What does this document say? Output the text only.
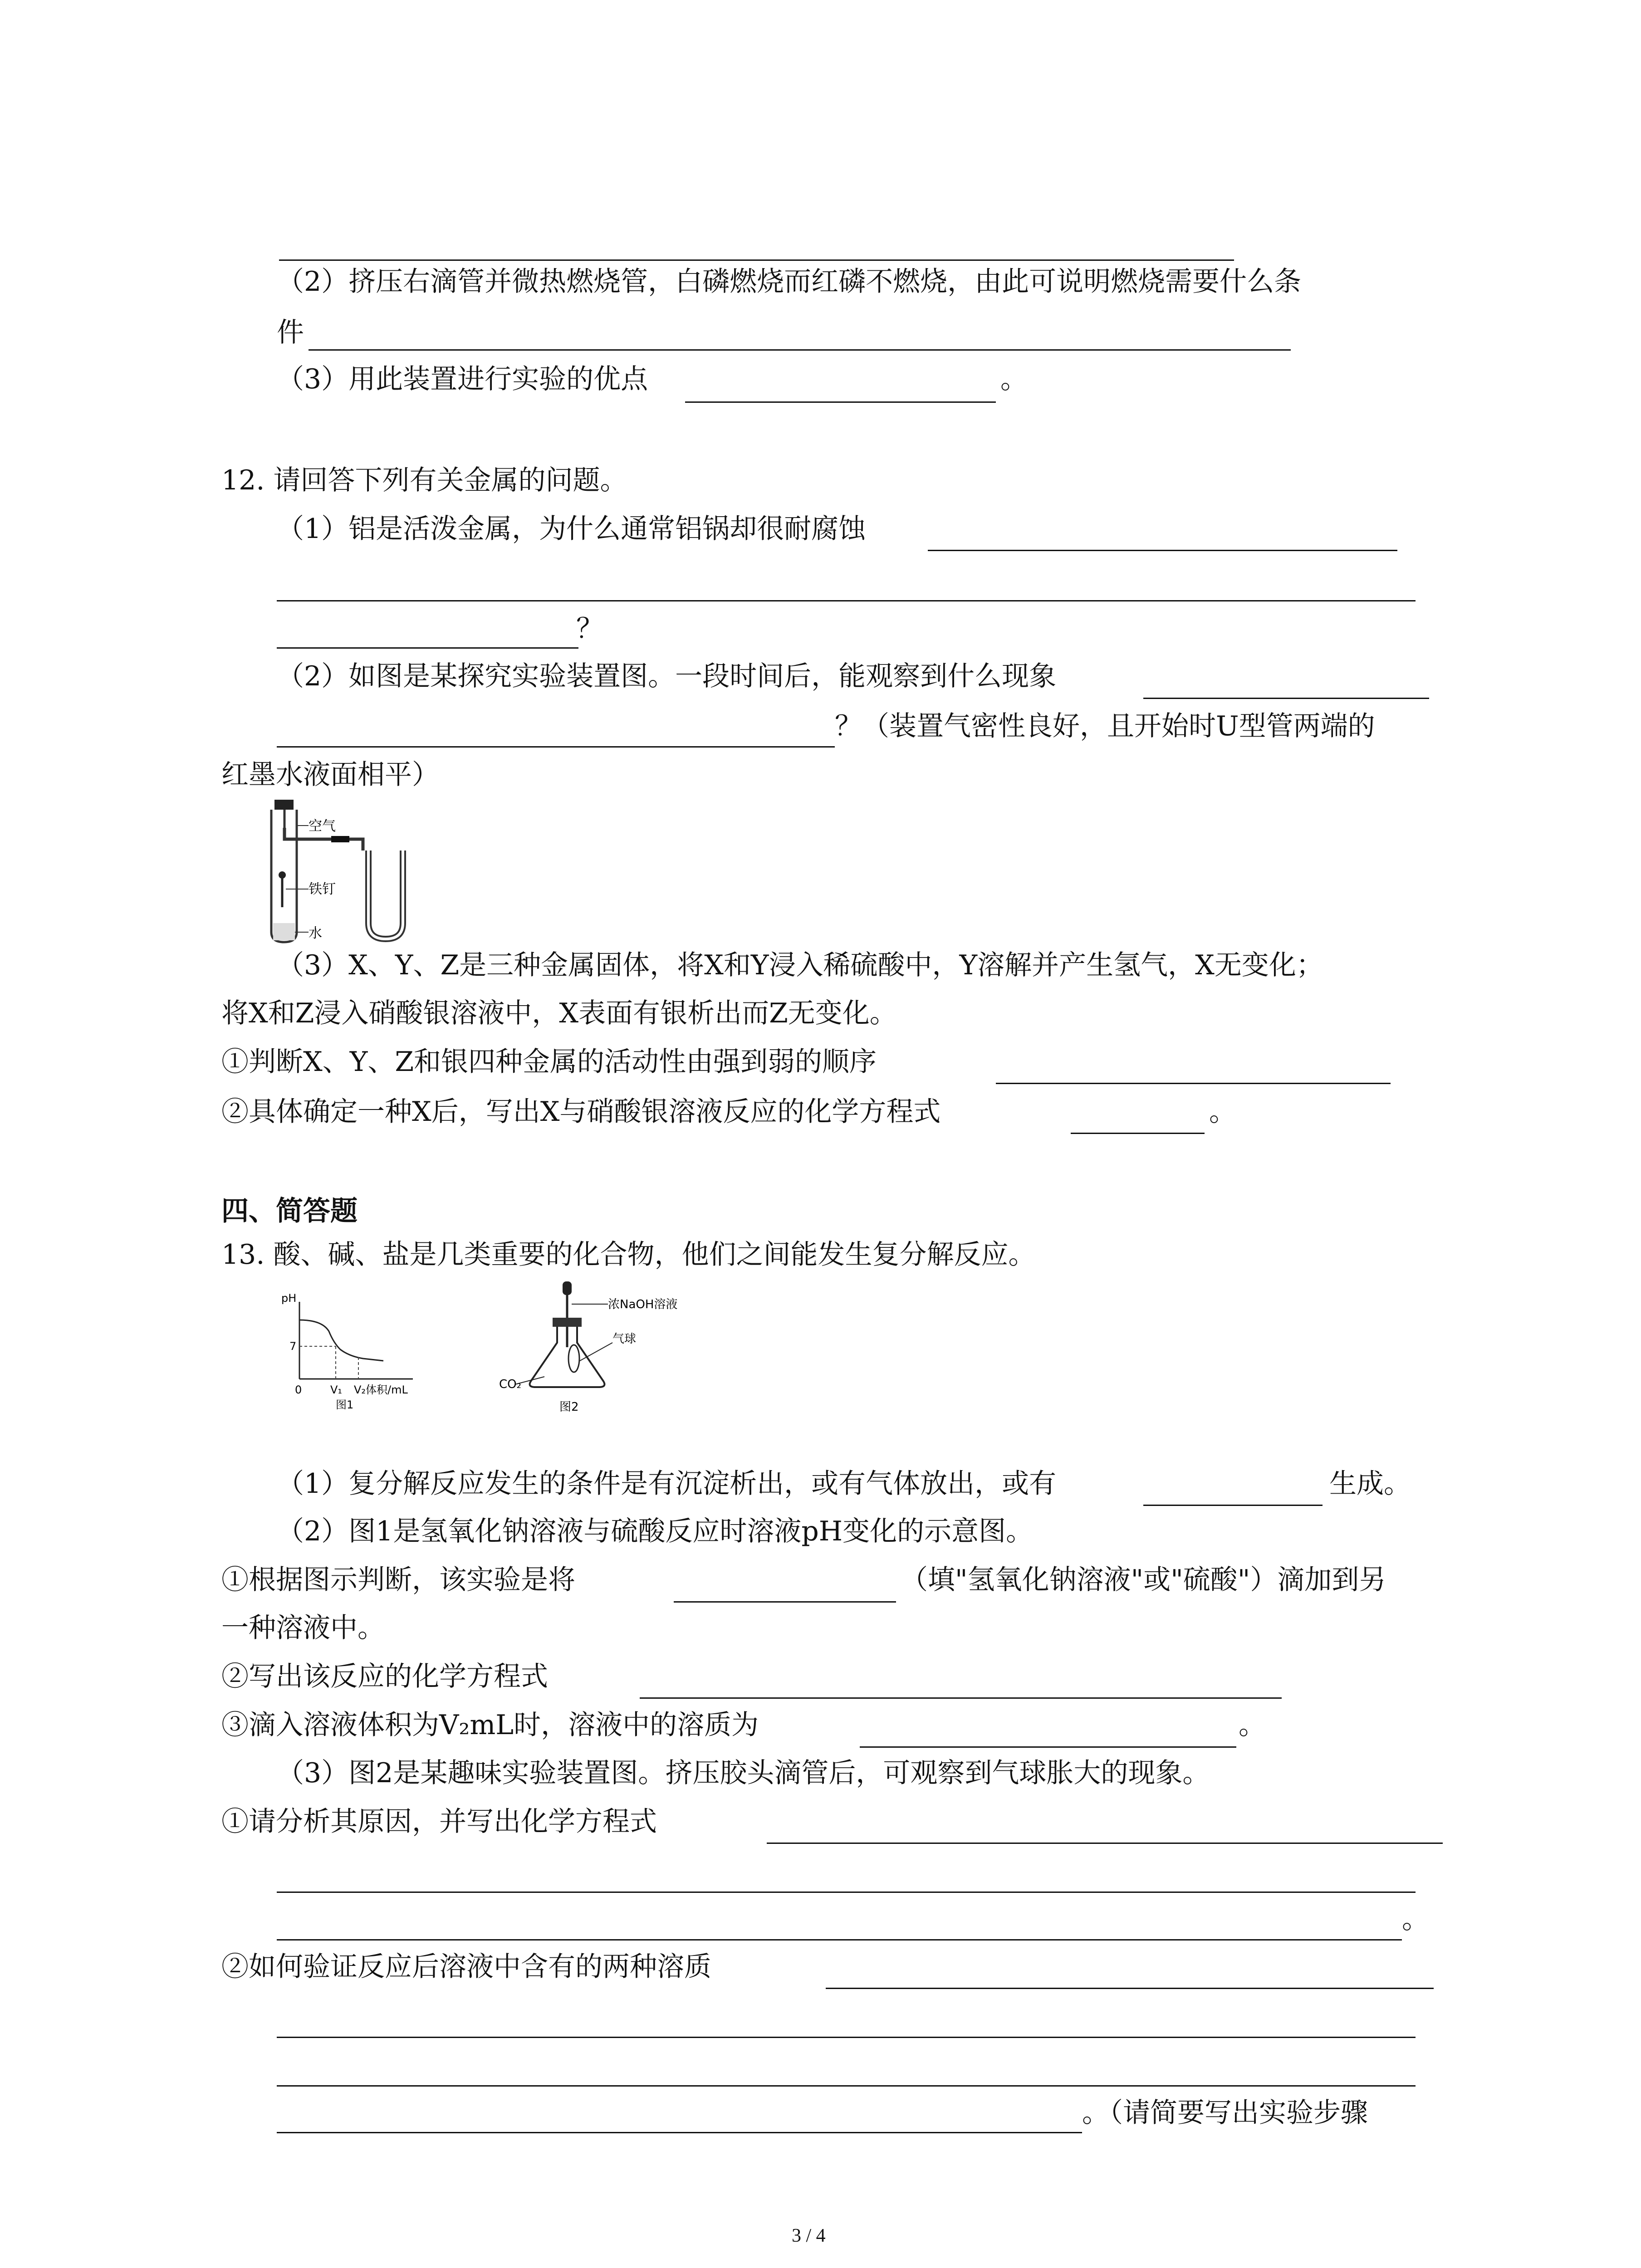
（2）挤压右滴管并微热燃烧管，白磷燃烧而红磷不燃烧，由此可说明燃烧需要什么条
件
（3）用此装置进行实验的优点	。
12. 请回答下列有关金属的问题。
（1）铝是活泼金属，为什么通常铝锅却很耐腐蚀
？
（2）如图是某探究实验装置图。一段时间后，能观察到什么现象
？（装置气密性良好，且开始时U型管两端的
红墨水液面相平）
空气
铁钉
水
（3）X、Y、Z是三种金属固体，将X和Y浸入稀硫酸中，Y溶解并产生氢气，X无变化；
将X和Z浸入硝酸银溶液中，X表面有银析出而Z无变化。
①判断X、Y、Z和银四种金属的活动性由强到弱的顺序
②具体确定一种X后，写出X与硝酸银溶液反应的化学方程式	。
四、简答题
13. 酸、碱、盐是几类重要的化合物，他们之间能发生复分解反应。
pH
7
0	V₁ V₂体积/mL
图1
浓NaOH溶液
气球
CO₂
图2
（1）复分解反应发生的条件是有沉淀析出，或有气体放出，或有	生成。
（2）图1是氢氧化钠溶液与硫酸反应时溶液pH变化的示意图。
①根据图示判断，该实验是将	（填"氢氧化钠溶液"或"硫酸"）滴加到另
一种溶液中。
②写出该反应的化学方程式
③滴入溶液体积为V₂mL时，溶液中的溶质为	。
（3）图2是某趣味实验装置图。挤压胶头滴管后，可观察到气球胀大的现象。
①请分析其原因，并写出化学方程式
。
②如何验证反应后溶液中含有的两种溶质
。（请简要写出实验步骤
3 / 4
